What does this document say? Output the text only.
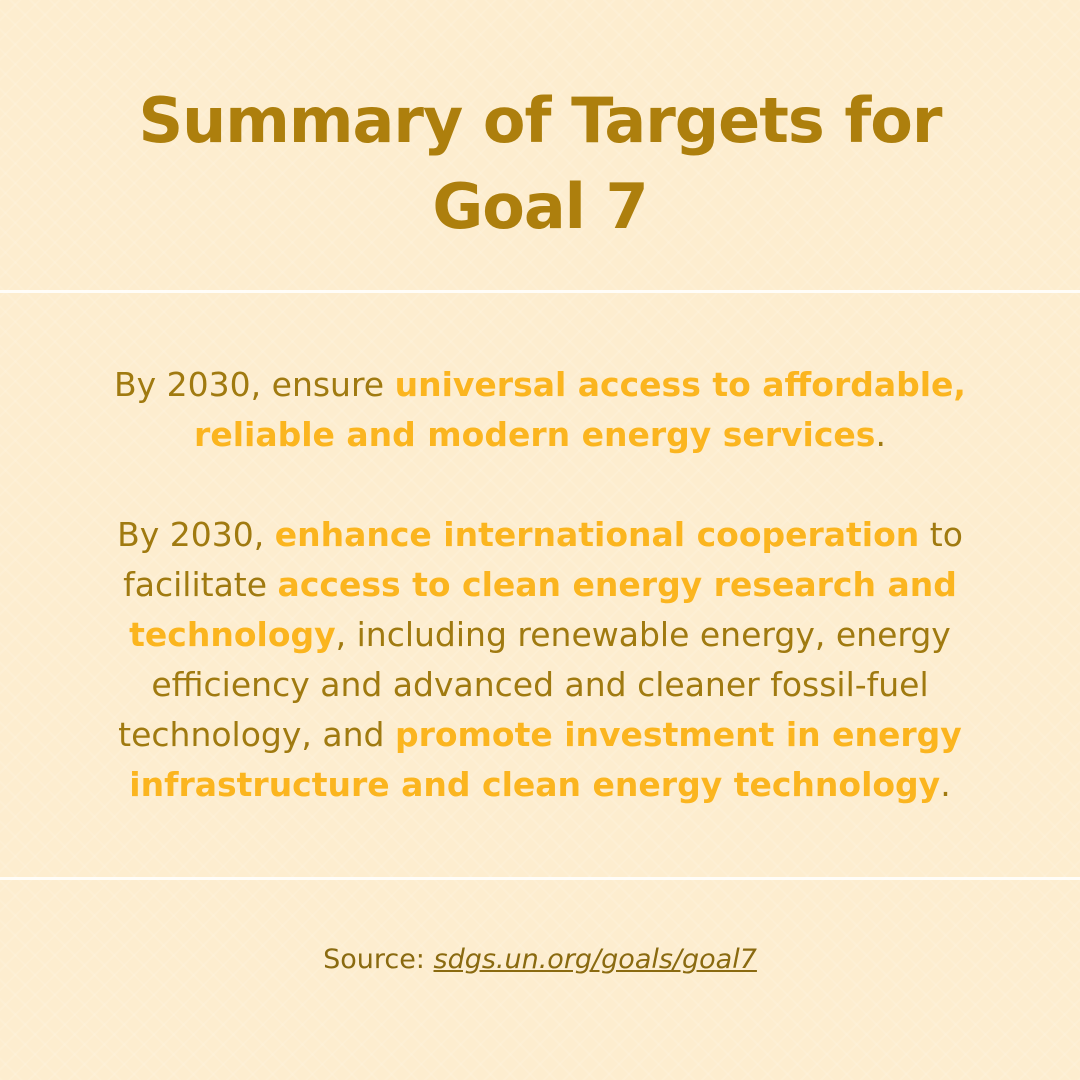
Summary of Targets for
Goal 7
By 2030, ensure universal access to affordable, reliable and modern energy services.
By 2030, enhance international cooperation to facilitate access to clean energy research and technology, including renewable energy, energy efficiency and advanced and cleaner fossil-fuel technology, and promote investment in energy infrastructure and clean energy technology.
Source: sdgs.un.org/goals/goal7
